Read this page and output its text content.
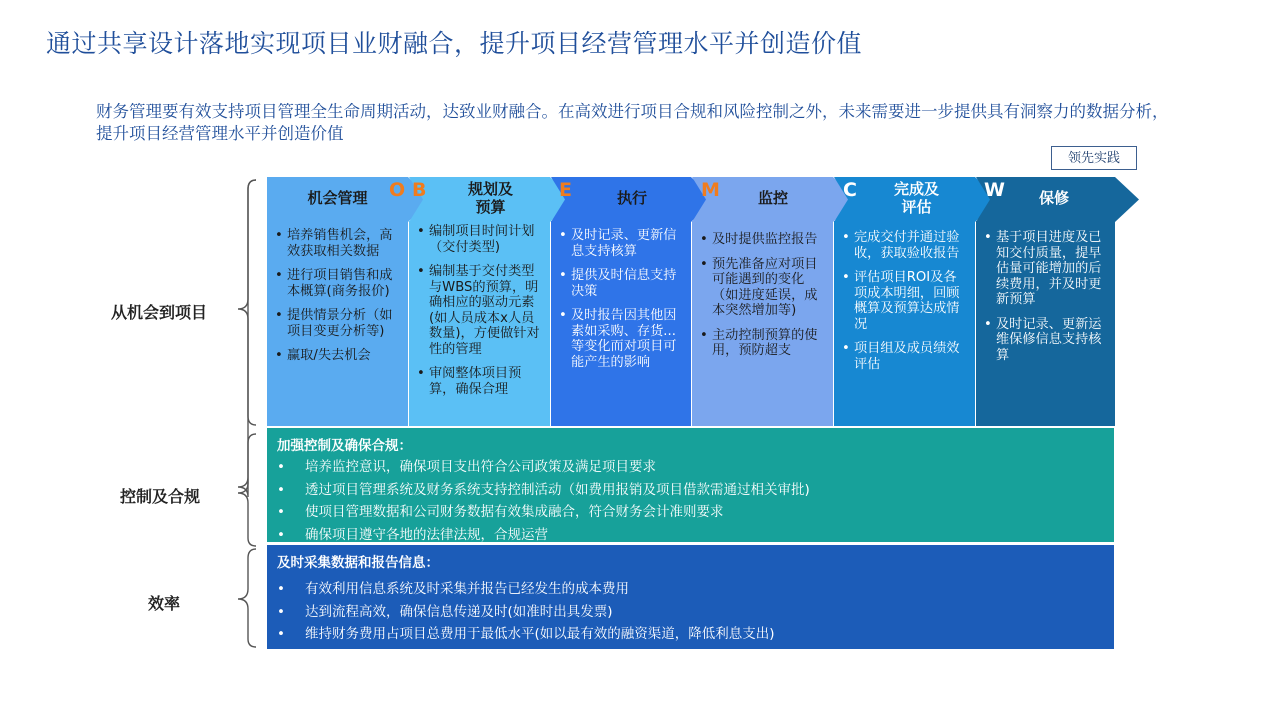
通过共享设计落地实现项目业财融合，提升项目经营管理水平并创造价值
财务管理要有效支持项目管理全生命周期活动，达致业财融合。在高效进行项目合规和风险控制之外，未来需要进一步提供具有洞察力的数据分析，提升项目经营管理水平并创造价值
领先实践
从机会到项目
控制及合规
效率
机会管理	O
• 培养销售机会，高效获取相关数据
• 进行项目销售和成本概算(商务报价)
• 提供情景分析（如项目变更分析等)
• 赢取/失去机会
规划及
预算
B
• 编制项目时间计划（交付类型)
• 编制基于交付类型与WBS的预算，明确相应的驱动元素(如人员成本x人员数量)，方便做针对性的管理
• 审阅整体项目预算，确保合理
执行
E
• 及时记录、更新信息支持核算
• 提供及时信息支持决策
• 及时报告因其他因素如采购、存货...等变化而对项目可能产生的影响
监控
M
• 及时提供监控报告
• 预先准备应对项目可能遇到的变化（如进度延误，成本突然增加等)
• 主动控制预算的使用，预防超支
完成及
评估
C
• 完成交付并通过验收，获取验收报告
• 评估项目ROI及各项成本明细，回顾概算及预算达成情况
• 项目组及成员绩效评估
保修
W
• 基于项目进度及已知交付质量，提早估量可能增加的后续费用，并及时更新预算
• 及时记录、更新运维保修信息支持核算
加强控制及确保合规：
• 培养监控意识，确保项目支出符合公司政策及满足项目要求
• 透过项目管理系统及财务系统支持控制活动（如费用报销及项目借款需通过相关审批)
• 使项目管理数据和公司财务数据有效集成融合，符合财务会计准则要求
• 确保项目遵守各地的法律法规，合规运营
及时采集数据和报告信息：
• 有效利用信息系统及时采集并报告已经发生的成本费用
• 达到流程高效，确保信息传递及时(如准时出具发票)
• 维持财务费用占项目总费用于最低水平(如以最有效的融资渠道，降低利息支出)
